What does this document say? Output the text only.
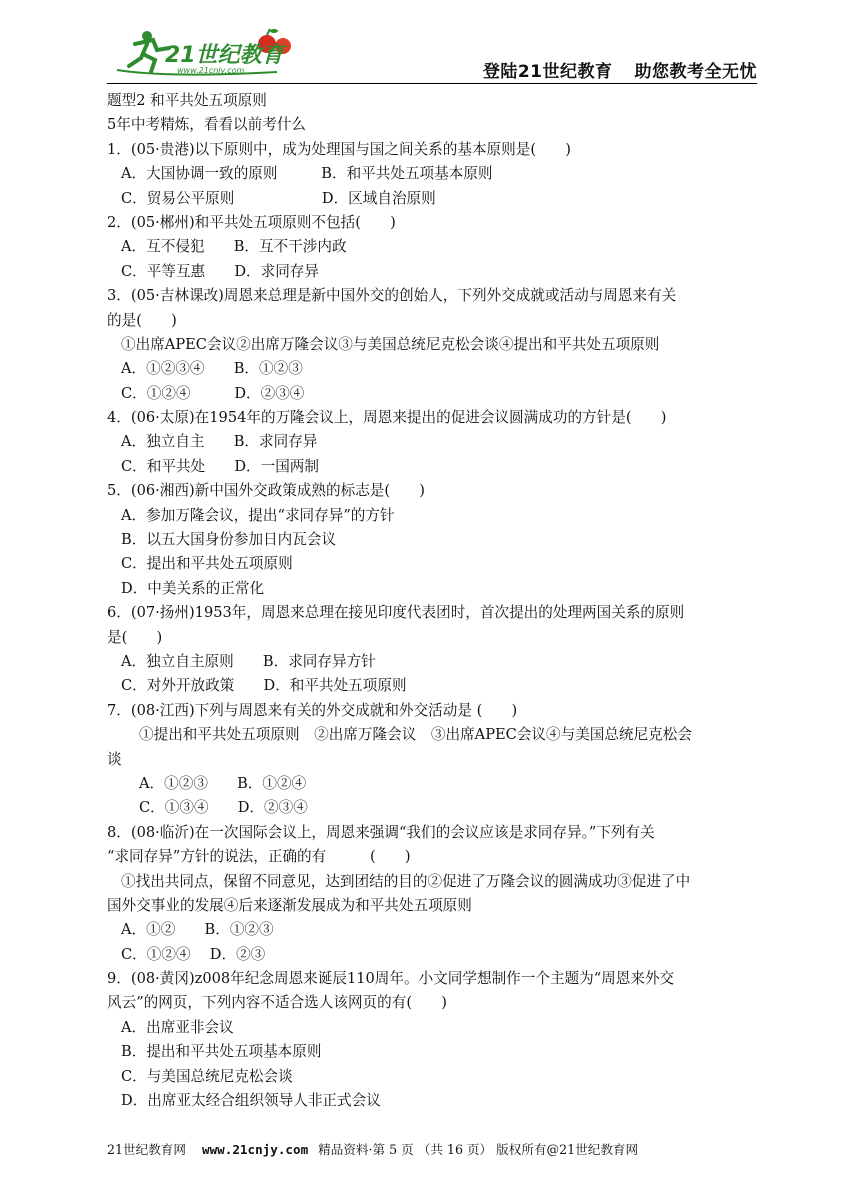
21世纪教育
www.21cnjy.com	登陆21世纪教育 助您教考全无忧
题型2 和平共处五项原则
5年中考精炼，看看以前考什么
1．(05·贵港)以下原则中，成为处理国与国之间关系的基本原则是(　　)
A．大国协调一致的原则　　　B．和平共处五项基本原则
C．贸易公平原则　　　　　　D．区域自治原则
2．(05·郴州)和平共处五项原则不包括(　　)
A．互不侵犯　　B．互不干涉内政
C．平等互惠　　D．求同存异
3．(05·吉林课改)周恩来总理是新中国外交的创始人，下列外交成就或活动与周恩来有关
的是(　　)
①出席APEC会议②出席万隆会议③与美国总统尼克松会谈④提出和平共处五项原则
A．①②③④　　B．①②③
C．①②④　　　D．②③④
4．(06·太原)在1954年的万隆会议上，周恩来提出的促进会议圆满成功的方针是(　　)
A．独立自主　　B．求同存异
C．和平共处　　D．一国两制
5．(06·湘西)新中国外交政策成熟的标志是(　　)
A．参加万隆会议，提出“求同存异”的方针
B．以五大国身份参加日内瓦会议
C．提出和平共处五项原则
D．中美关系的正常化
6．(07·扬州)1953年，周恩来总理在接见印度代表团时，首次提出的处理两国关系的原则
是(　　)
A．独立自主原则　　B．求同存异方针
C．对外开放政策　　D．和平共处五项原则
7．(08·江西)下列与周恩来有关的外交成就和外交活动是 (　　)
①提出和平共处五项原则　②出席万隆会议　③出席APEC会议④与美国总统尼克松会
谈
A．①②③　　B．①②④
C．①③④　　D．②③④
8．(08·临沂)在一次国际会议上，周恩来强调“我们的会议应该是求同存异。”下列有关
“求同存异”方针的说法，正确的有　　　(　　)
①找出共同点，保留不同意见，达到团结的目的②促进了万隆会议的圆满成功③促进了中
国外交事业的发展④后来逐渐发展成为和平共处五项原则
A．①②　　B．①②③
C．①②④　 D．②③
9．(08·黄冈)z008年纪念周恩来诞辰110周年。小文同学想制作一个主题为“周恩来外交
风云”的网页，下列内容不适合选人该网页的有(　　)
A．出席亚非会议
B．提出和平共处五项基本原则
C．与美国总统尼克松会谈
D．出席亚太经合组织领导人非正式会议
21世纪教育网 www.21cnjy.com 精品资料·第 5 页 （共 16 页） 版权所有@21世纪教育网
